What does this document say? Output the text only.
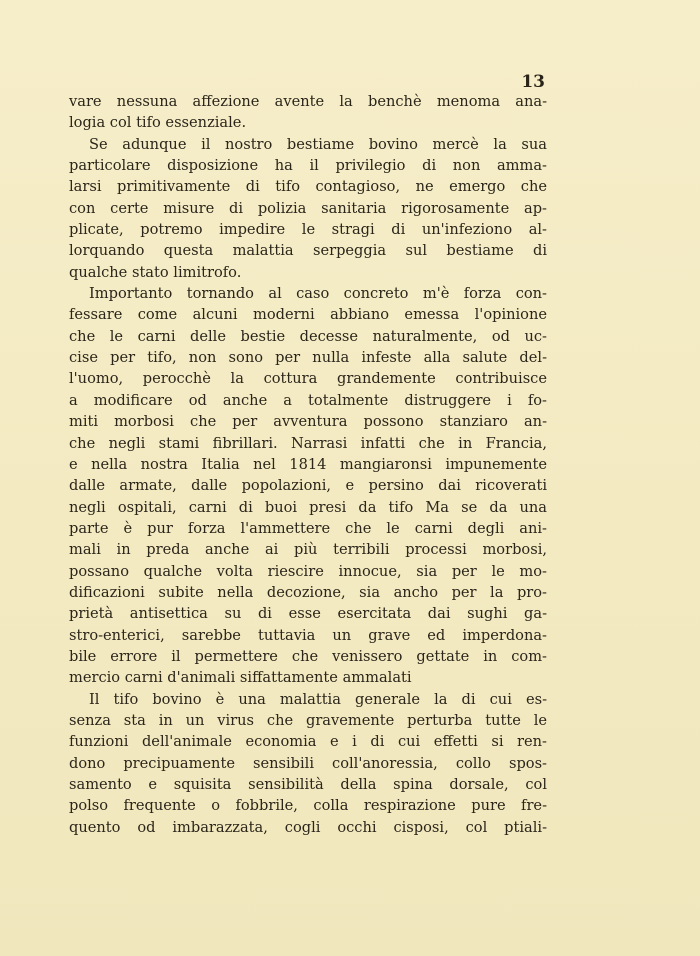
13
vare nessuna affezione avente la benchè menoma ana-
logia col tifo essenziale.
Se adunque il nostro bestiame bovino mercè la sua
particolare disposizione ha il privilegio di non amma-
larsi primitivamente di tifo contagioso, ne emergo che
con certe misure di polizia sanitaria rigorosamente ap-
plicate, potremo impedire le stragi di un'infeziono al-
lorquando questa malattia serpeggia sul bestiame di
qualche stato limitrofo.
Importanto tornando al caso concreto m'è forza con-
fessare come alcuni moderni abbiano emessa l'opinione
che le carni delle bestie decesse naturalmente, od uc-
cise per tifo, non sono per nulla infeste alla salute del-
l'uomo, perocchè la cottura grandemente contribuisce
a modificare od anche a totalmente distruggere i fo-
miti morbosi che per avventura possono stanziaro an-
che negli stami fibrillari. Narrasi infatti che in Francia,
e nella nostra Italia nel 1814 mangiaronsi impunemente
dalle armate, dalle popolazioni, e persino dai ricoverati
negli ospitali, carni di buoi presi da tifo Ma se da una
parte è pur forza l'ammettere che le carni degli ani-
mali in preda anche ai più terribili processi morbosi,
possano qualche volta riescire innocue, sia per le mo-
dificazioni subite nella decozione, sia ancho per la pro-
prietà antisettica su di esse esercitata dai sughi ga-
stro-enterici, sarebbe tuttavia un grave ed imperdona-
bile errore il permettere che venissero gettate in com-
mercio carni d'animali siffattamente ammalati
Il tifo bovino è una malattia generale la di cui es-
senza sta in un virus che gravemente perturba tutte le
funzioni dell'animale economia e i di cui effetti si ren-
dono precipuamente sensibili coll'anoressia, collo spos-
samento e squisita sensibilità della spina dorsale, col
polso frequente o fobbrile, colla respirazione pure fre-
quento od imbarazzata, cogli occhi cisposi, col ptiali-
